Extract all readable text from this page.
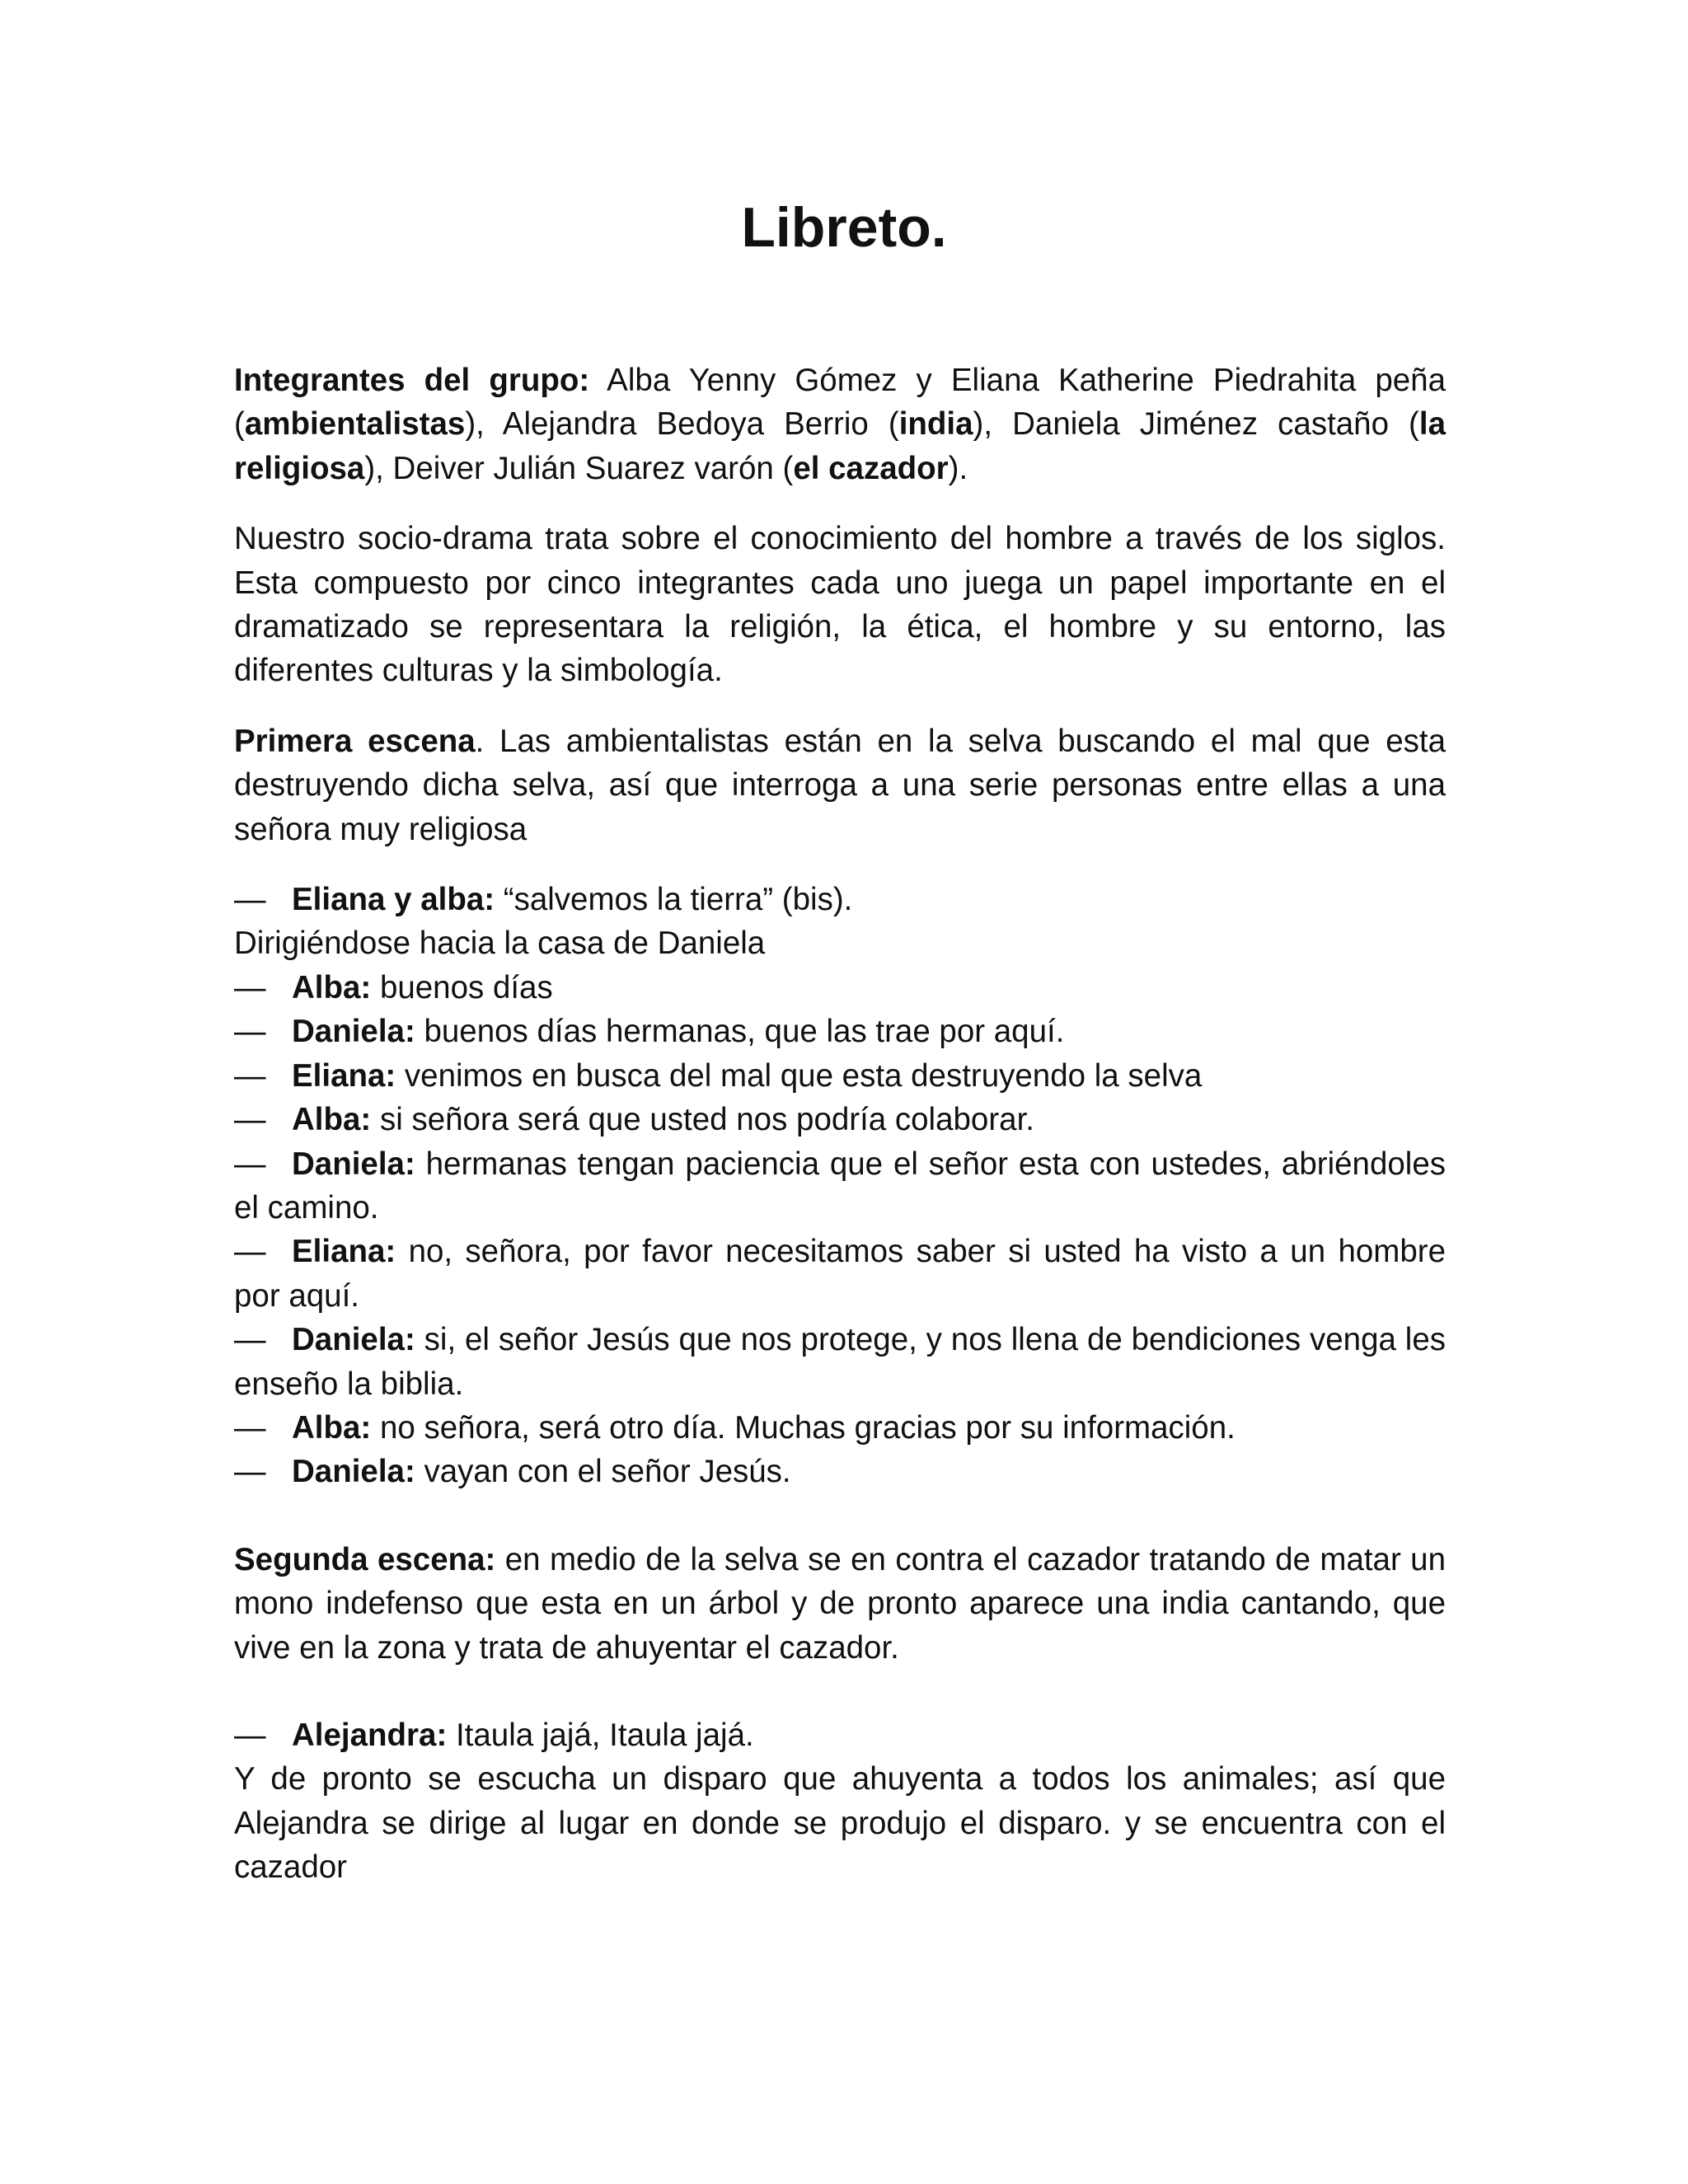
Libreto.

Integrantes del grupo: Alba Yenny Gómez y Eliana Katherine Piedrahita peña (ambientalistas), Alejandra Bedoya Berrio (india), Daniela Jiménez castaño (la religiosa), Deiver Julián Suarez varón (el cazador).

Nuestro socio-drama trata sobre el conocimiento del hombre a través de los siglos. Esta compuesto por cinco integrantes cada uno juega un papel importante en el dramatizado se representara la religión, la ética, el hombre y su entorno, las diferentes culturas y la simbología.

Primera escena. Las ambientalistas están en la selva buscando el mal que esta destruyendo dicha selva, así que interroga a una serie personas entre ellas a una señora muy religiosa

— Eliana y alba: “salvemos la tierra” (bis).

Dirigiéndose hacia la casa de Daniela

— Alba: buenos días

— Daniela: buenos días hermanas, que las trae por aquí.

— Eliana: venimos en busca del mal que esta destruyendo la selva

— Alba: si señora será que usted nos podría colaborar.

— Daniela: hermanas tengan paciencia que el señor esta con ustedes, abriéndoles el camino.

— Eliana: no, señora, por favor necesitamos saber si usted ha visto a un hombre por aquí.

— Daniela: si, el señor Jesús que nos protege, y nos llena de bendiciones venga les enseño la biblia.

— Alba: no señora, será otro día. Muchas gracias por su información.

— Daniela: vayan con el señor Jesús.

Segunda escena: en medio de la selva se en contra el cazador tratando de matar un mono indefenso que esta en un árbol y de pronto aparece una india cantando, que vive en la zona y trata de ahuyentar el cazador.

— Alejandra: Itaula jajá, Itaula jajá.

Y de pronto se escucha un disparo que ahuyenta a todos los animales; así que Alejandra se dirige al lugar en donde se produjo el disparo. y se encuentra con el cazador
